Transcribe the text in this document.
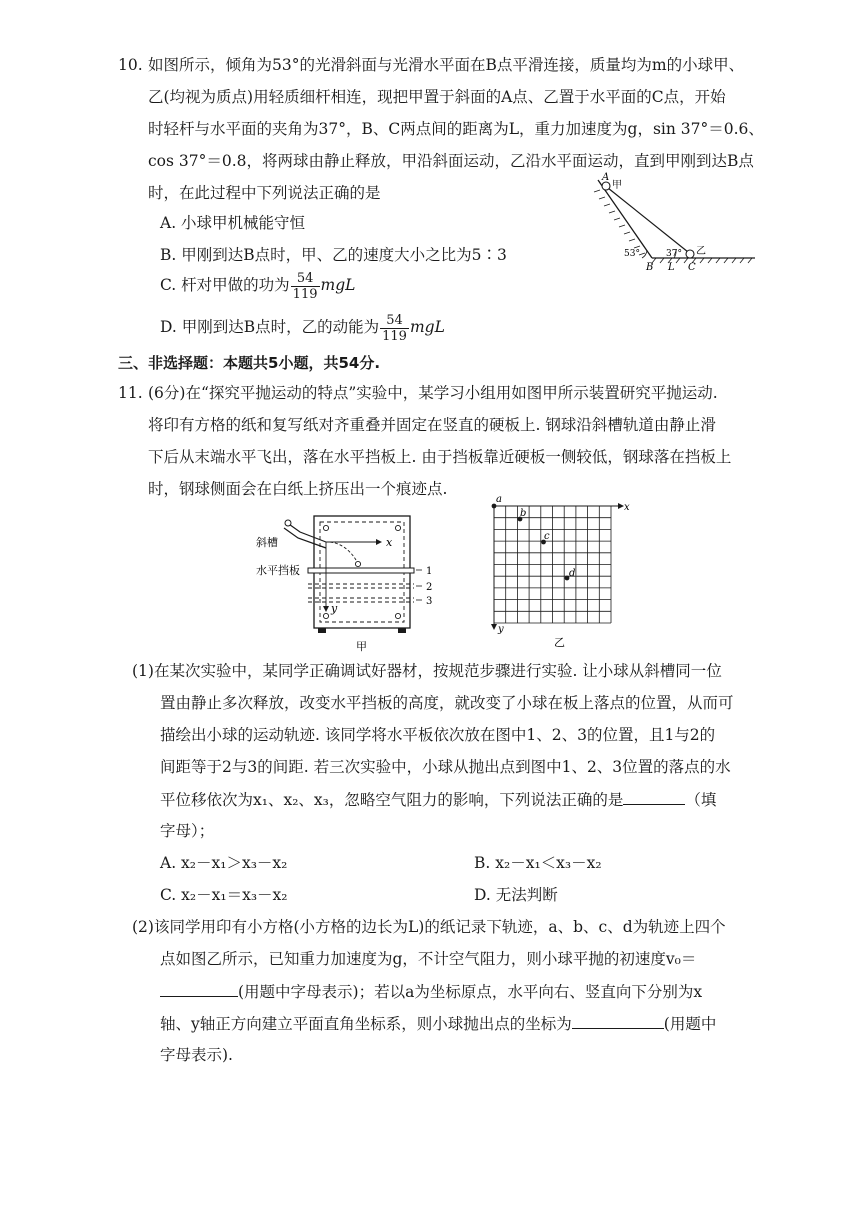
10. 如图所示，倾角为53°的光滑斜面与光滑水平面在B点平滑连接，质量均为m的小球甲、
乙(均视为质点)用轻质细杆相连，现把甲置于斜面的A点、乙置于水平面的C点，开始
时轻杆与水平面的夹角为37°，B、C两点间的距离为L，重力加速度为g，sin 37°＝0.6、
cos 37°＝0.8，将两球由静止释放，甲沿斜面运动，乙沿水平面运动，直到甲刚到达B点
时，在此过程中下列说法正确的是
A. 小球甲机械能守恒
B. 甲刚到达B点时，甲、乙的速度大小之比为5∶3
C. 杆对甲做的功为 $\frac{54}{119}$ mgL
D. 甲刚到达B点时，乙的动能为 $\frac{54}{119}$ mgL
A
甲
53°	37° 乙
B L C
三、非选择题：本题共5小题，共54分.
11. (6分)在“探究平抛运动的特点”实验中，某学习小组用如图甲所示装置研究平抛运动.
将印有方格的纸和复写纸对齐重叠并固定在竖直的硬板上. 钢球沿斜槽轨道由静止滑
下后从末端水平飞出，落在水平挡板上. 由于挡板靠近硬板一侧较低，钢球落在挡板上
时，钢球侧面会在白纸上挤压出一个痕迹点.
斜槽
水平挡板
x
y
1
2
3
甲
a
b
c
d
x
y
乙
(1)在某次实验中，某同学正确调试好器材，按规范步骤进行实验. 让小球从斜槽同一位
置由静止多次释放，改变水平挡板的高度，就改变了小球在板上落点的位置，从而可
描绘出小球的运动轨迹. 该同学将水平板依次放在图中1、2、3的位置，且1与2的
间距等于2与3的间距. 若三次实验中，小球从抛出点到图中1、2、3位置的落点的水
平位移依次为x₁、x₂、x₃，忽略空气阻力的影响，下列说法正确的是	（填
字母）；
A. x₂－x₁＞x₃－x₂	B. x₂－x₁＜x₃－x₂
C. x₂－x₁＝x₃－x₂	D. 无法判断
(2)该同学用印有小方格(小方格的边长为L)的纸记录下轨迹，a、b、c、d为轨迹上四个
点如图乙所示，已知重力加速度为g，不计空气阻力，则小球平抛的初速度v₀＝
(用题中字母表示)；若以a为坐标原点，水平向右、竖直向下分别为x
轴、y轴正方向建立平面直角坐标系，则小球抛出点的坐标为	(用题中
字母表示).
